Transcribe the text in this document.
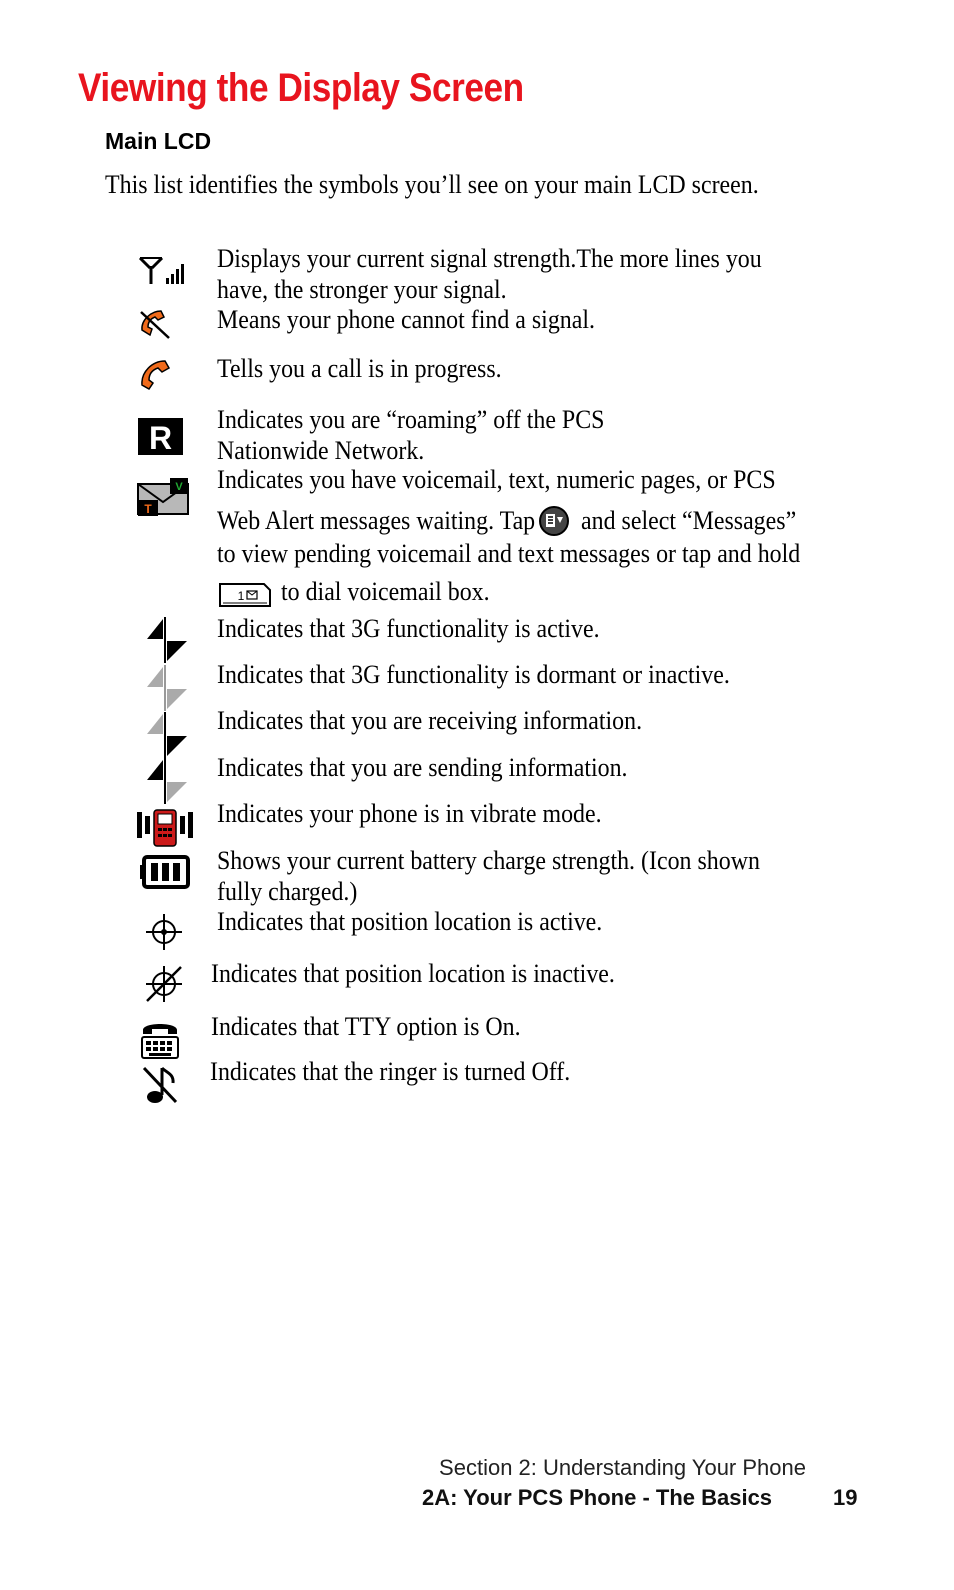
Viewing the Display Screen
Main LCD

This list identifies the symbols you’ll see on your main LCD screen.

Displays your current signal strength.The more lines you
have, the stronger your signal.
Means your phone cannot find a signal.
Tells you a call is in progress.
R
Indicates you are “roaming” off the PCS
Nationwide Network.
T
V Indicates you have voicemail, text, numeric pages, or PCS
Web Alert messages waiting. Tap and select “Messages”
to view pending voicemail and text messages or tap and hold
1 to dial voicemail box.
Indicates that 3G functionality is active.
Indicates that 3G functionality is dormant or inactive.
Indicates that you are receiving information.
Indicates that you are sending information.
Indicates your phone is in vibrate mode.
Shows your current battery charge strength. (Icon shown
fully charged.)
Indicates that position location is active.
Indicates that position location is inactive.
Indicates that TTY option is On.
Indicates that the ringer is turned Off.
Section 2: Understanding Your Phone
2A: Your PCS Phone - The Basics	19
